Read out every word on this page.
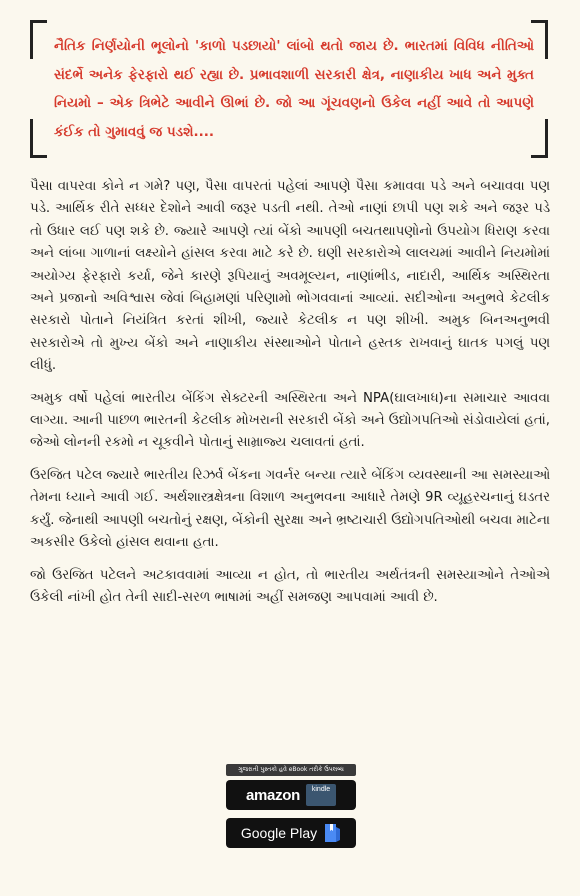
નૈતિક નિર્ણયોની ભૂલોનો 'કાળો પડછાયો' લાંબો થતો જાય છે. ભારતમાં વિવિધ નીતિઓ સંદર્ભે અનેક ફેરફારો થઈ રહ્યા છે. પ્રભાવશાળી સરકારી ક્ષેત્ર, નાણાકીય ખાધ અને મુક્ત નિયમો – એક ત્રિભેટે આવીને ઊભાં છે. જો આ ગૂંચવણનો ઉકેલ નહીં આવે તો આપણે કંઈક તો ગુમાવવું જ પડશે....

પૈસા વાપરવા કોને ન ગમે? પણ, પૈસા વાપરતાં પહેલાં આપણે પૈસા કમાવવા પડે અને બચાવવા પણ પડે. આર્થિક રીતે સધ્ધર દેશોને આવી જરૂર પડતી નથી. તેઓ નાણાં છાપી પણ શકે અને જરૂર પડે તો ઉધાર લઈ પણ શકે છે. જ્યારે આપણે ત્યાં બેંકો આપણી બચતથાપણોનો ઉપયોગ ધિરાણ કરવા અને લાંબા ગાળાનાં લક્ષ્યોને હાંસલ કરવા માટે કરે છે. ઘણી સરકારોએ લાલચમાં આવીને નિયમોમાં અયોગ્ય ફેરફારો કર્યા, જેને કારણે રૂપિયાનું અવમૂલ્યન, નાણાંભીડ, નાદારી, આર્થિક અસ્થિરતા અને પ્રજાનો અવિશ્વાસ જેવાં બિહામણાં પરિણામો ભોગવવાનાં આવ્યાં. સદીઓના અનુભવે કેટલીક સરકારો પોતાને નિયંત્રિત કરતાં શીખી, જ્યારે કેટલીક ન પણ શીખી. અમુક બિનઅનુભવી સરકારોએ તો મુખ્ય બેંકો અને નાણાકીય સંસ્થાઓને પોતાને હસ્તક રાખવાનું ઘાતક પગલું પણ લીધું.

અમુક વર્ષો પહેલાં ભારતીય બેંકિંગ સેક્ટરની અસ્થિરતા અને NPA(ઘાલખાધ)ના સમાચાર આવવા લાગ્યા. આની પાછળ ભારતની કેટલીક મોખરાની સરકારી બેંકો અને ઉદ્યોગપતિઓ સંડોવાયેલાં હતાં, જેઓ લોનની રકમો ન ચૂકવીને પોતાનું સામ્રાજ્ય ચલાવતાં હતાં.

ઉરજિત પટેલ જ્યારે ભારતીય રિઝર્વ બેંકના ગવર્નર બન્યા ત્યારે બેંકિંગ વ્યવસ્થાની આ સમસ્યાઓ તેમના ધ્યાને આવી ગઈ. અર્થશાસ્ત્રક્ષેત્રના વિશાળ અનુભવના આધારે તેમણે 9R વ્યૂહરચનાનું ઘડતર કર્યું. જેનાથી આપણી બચતોનું રક્ષણ, બેંકોની સુરક્ષા અને ભ્રષ્ટાચારી ઉદ્યોગપતિઓથી બચવા માટેના અકસીર ઉકેલો હાંસલ થવાના હતા.

જો ઉરજિત પટેલને અટકાવવામાં આવ્યા ન હોત, તો ભારતીય અર્થતંત્રની સમસ્યાઓને તેઓએ ઉકેલી નાંખી હોત તેની સાદી-સરળ ભાષામાં અહીં સમજણ આપવામાં આવી છે.

ગુજરાતી પુસ્તકો હવે eBook તરીકે ઉપલબ્ધ
amazon kindle
Google Play
